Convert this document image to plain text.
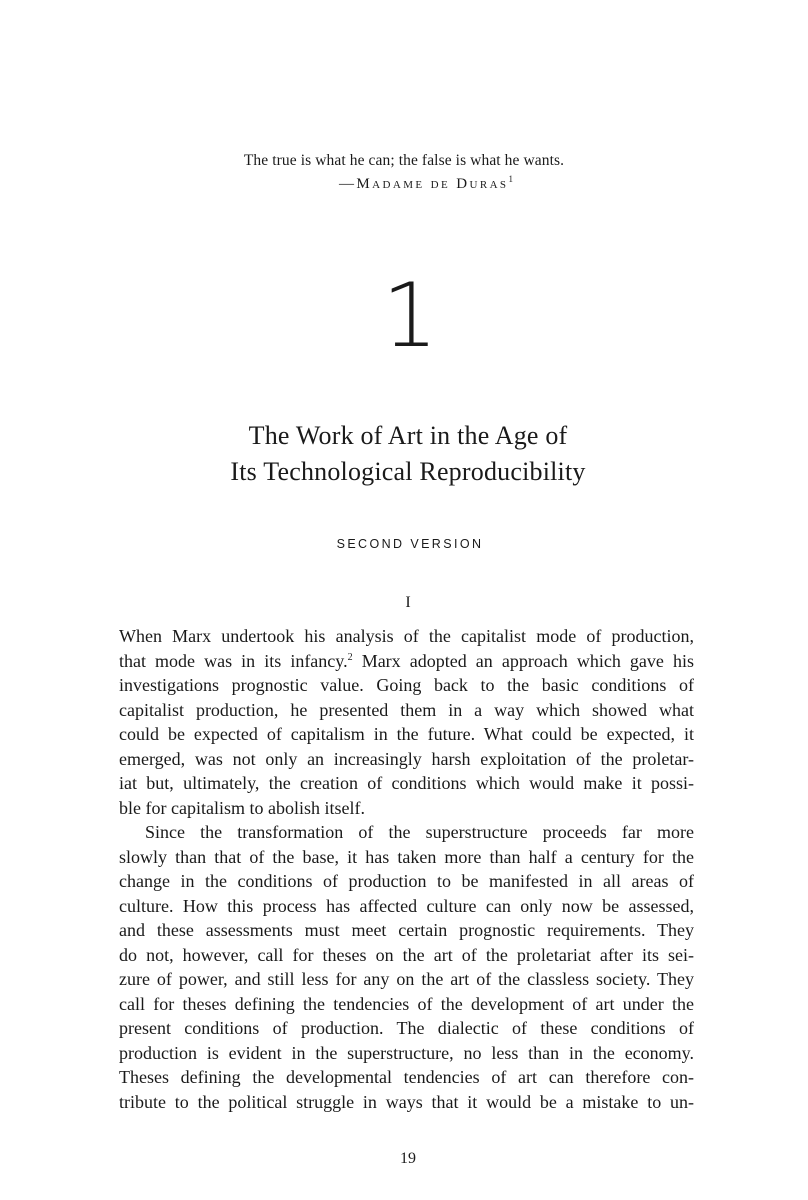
The true is what he can; the false is what he wants.
—Madame de Duras$^1$
1
The Work of Art in the Age of
Its Technological Reproducibility
SECOND VERSION
I
When Marx undertook his analysis of the capitalist mode of production,
that mode was in its infancy.$^2$ Marx adopted an approach which gave his
investigations prognostic value. Going back to the basic conditions of
capitalist production, he presented them in a way which showed what
could be expected of capitalism in the future. What could be expected, it
emerged, was not only an increasingly harsh exploitation of the proletar-
iat but, ultimately, the creation of conditions which would make it possi-
ble for capitalism to abolish itself.
Since the transformation of the superstructure proceeds far more
slowly than that of the base, it has taken more than half a century for the
change in the conditions of production to be manifested in all areas of
culture. How this process has affected culture can only now be assessed,
and these assessments must meet certain prognostic requirements. They
do not, however, call for theses on the art of the proletariat after its sei-
zure of power, and still less for any on the art of the classless society. They
call for theses defining the tendencies of the development of art under the
present conditions of production. The dialectic of these conditions of
production is evident in the superstructure, no less than in the economy.
Theses defining the developmental tendencies of art can therefore con-
tribute to the political struggle in ways that it would be a mistake to un-
19
